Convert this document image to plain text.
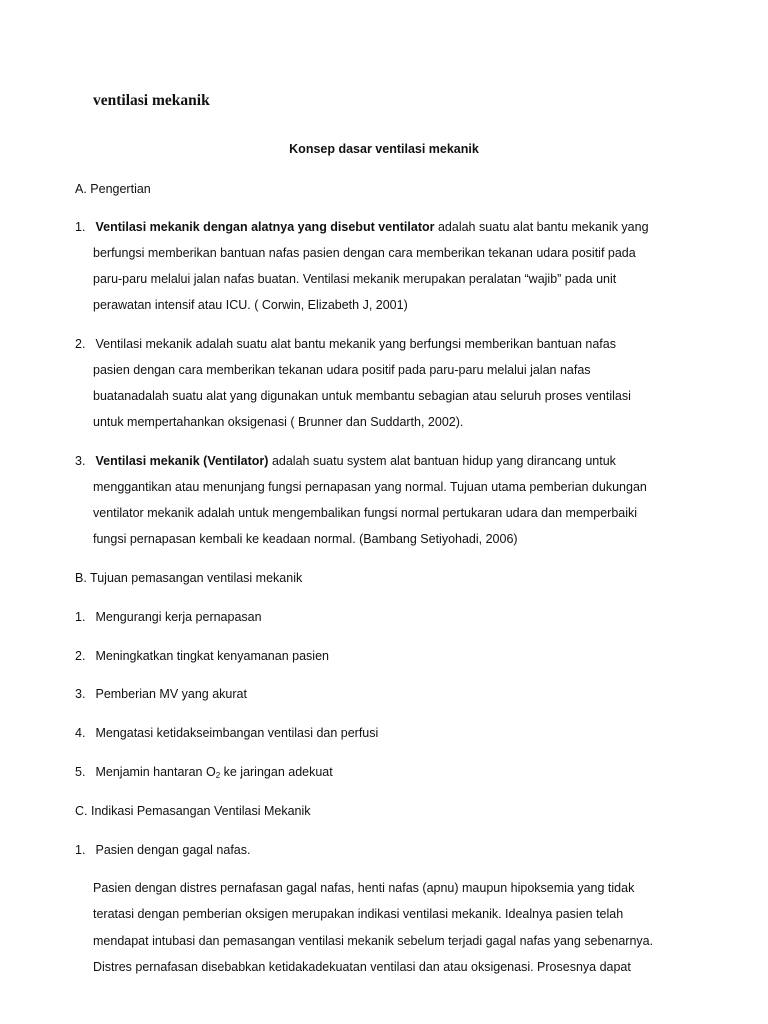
ventilasi mekanik
Konsep dasar ventilasi mekanik
A. Pengertian
1. Ventilasi mekanik dengan alatnya yang disebut ventilator adalah suatu alat bantu mekanik yang
berfungsi memberikan bantuan nafas pasien dengan cara memberikan tekanan udara positif pada
paru-paru melalui jalan nafas buatan. Ventilasi mekanik merupakan peralatan “wajib” pada unit
perawatan intensif atau ICU. ( Corwin, Elizabeth J, 2001)
2. Ventilasi mekanik adalah suatu alat bantu mekanik yang berfungsi memberikan bantuan nafas
pasien dengan cara memberikan tekanan udara positif pada paru-paru melalui jalan nafas
buatanadalah suatu alat yang digunakan untuk membantu sebagian atau seluruh proses ventilasi
untuk mempertahankan oksigenasi ( Brunner dan Suddarth, 2002).
3. Ventilasi mekanik (Ventilator) adalah suatu system alat bantuan hidup yang dirancang untuk
menggantikan atau menunjang fungsi pernapasan yang normal. Tujuan utama pemberian dukungan
ventilator mekanik adalah untuk mengembalikan fungsi normal pertukaran udara dan memperbaiki
fungsi pernapasan kembali ke keadaan normal. (Bambang Setiyohadi, 2006)
B. Tujuan pemasangan ventilasi mekanik
1. Mengurangi kerja pernapasan
2. Meningkatkan tingkat kenyamanan pasien
3. Pemberian MV yang akurat
4. Mengatasi ketidakseimbangan ventilasi dan perfusi
5. Menjamin hantaran $O_2$ ke jaringan adekuat
C. Indikasi Pemasangan Ventilasi Mekanik
1. Pasien dengan gagal nafas.
Pasien dengan distres pernafasan gagal nafas, henti nafas (apnu) maupun hipoksemia yang tidak
teratasi dengan pemberian oksigen merupakan indikasi ventilasi mekanik. Idealnya pasien telah
mendapat intubasi dan pemasangan ventilasi mekanik sebelum terjadi gagal nafas yang sebenarnya.
Distres pernafasan disebabkan ketidakadekuatan ventilasi dan atau oksigenasi. Prosesnya dapat
